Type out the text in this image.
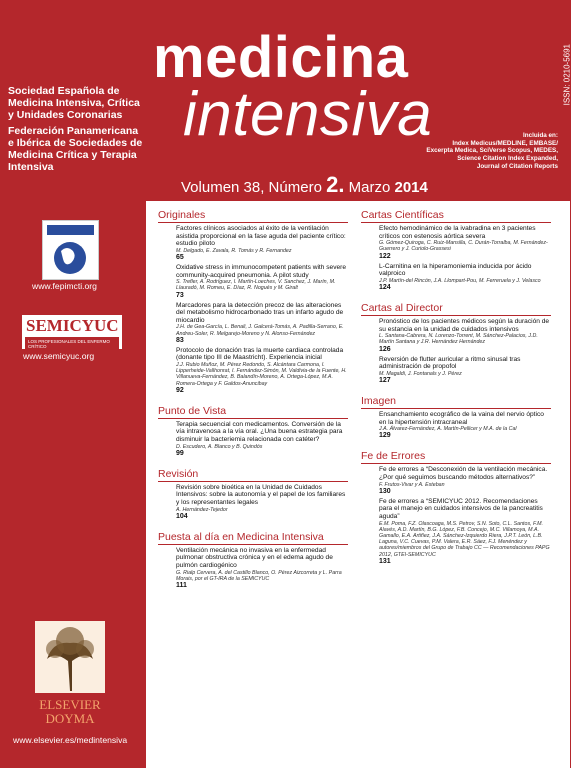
Sociedad Española de Medicina Intensiva, Crítica y Unidades Coronarias
Federación Panamericana e Ibérica de Sociedades de Medicina Crítica y Terapia Intensiva
medicina
intensiva
ISSN: 0210-5691
Incluida en:
Index Medicus/MEDLINE, EMBASE/
Excerpta Medica, SciVerse Scopus, MEDES,
Science Citation Index Expanded,
Journal of Citation Reports
Volumen 38, Número 2. Marzo 2014
www.fepimcti.org
SEMICYUC
LOS PROFESIONALES DEL ENFERMO CRÍTICO
www.semicyuc.org
ELSEVIER
DOYMA
www.elsevier.es/medintensiva
Originales
Factores clínicos asociados al éxito de la ventilación asistida proporcional en la fase aguda del paciente crítico: estudio piloto
M. Delgado, E. Zavala, R. Tomás y R. Fernandez
65
Oxidative stress in immunocompetent patients with severe community-acquired pneumonia. A pilot study
S. Trefler, A. Rodríguez, I. Martín-Loeches, V. Sanchez, J. Marín, M. Llauradó, M. Romeu, E. Díaz, R. Nogués y M. Giralt
73
Marcadores para la detección precoz de las alteraciones del metabolismo hidrocarbonado tras un infarto agudo de miocardio
J.H. de Gea-García, L. Benali, J. Galcerá-Tomás, A. Padilla-Serrano, E. Andreu-Soler, R. Melgarejo-Moreno y N. Alonso-Fernández
83
Protocolo de donación tras la muerte cardiaca controlada (donante tipo III de Maastricht). Experiencia inicial
J.J. Rubio Muñoz, M. Pérez Redondo, S. Alcántara Carmona, I. Lipperheide-Vallhonrat, I. Fernández-Simón, M. Valdivia-de la Fuente, H. Villanueva-Fernández, B. Balandín-Moreno, A. Ortega-López, M.A. Romera-Ortega y F. Galdos-Anuncibay
92
Punto de Vista
Terapia secuencial con medicamentos. Conversión de la vía intravenosa a la vía oral. ¿Una buena estrategia para disminuir la bacteriemia relacionada con catéter?
D. Escudero, A. Blanco y B. Quindós
99
Revisión
Revisión sobre bioética en la Unidad de Cuidados Intensivos: sobre la autonomía y el papel de los familiares y los representantes legales
A. Hernández-Tejedor
104
Puesta al día en Medicina Intensiva
Ventilación mecánica no invasiva en la enfermedad pulmonar obstructiva crónica y en el edema agudo de pulmón cardiogénico
G. Rialp Cervera, A. del Castillo Blanco, O. Pérez Aizcorreta y L. Parra Morais, por el GT-IRA de la SEMICYUC
111
Cartas Científicas
Efecto hemodinámico de la ivabradina en 3 pacientes críticos con estenosis aórtica severa
G. Gómez-Quiroga, C. Ruiz-Mansilla, C. Durán-Torralba, M. Fernández-Guerrero y J. Curiolo-Grassesi
122
L-Carnitina en la hiperamoniemia inducida por ácido valproico
J.P. Martín-del Rincón, J.A. Llompart-Pou, M. Ferreruela y J. Velasco
124
Cartas al Director
Pronóstico de los pacientes médicos según la duración de su estancia en la unidad de cuidados intensivos
L. Santana-Cabrera, N. Lorenzo-Torrent, M. Sánchez-Palacios, J.D. Martín Santana y J.R. Hernández Hernández
126
Reversión de flutter auricular a ritmo sinusal tras administración de propofol
M. Magaldi, J. Fontanals y J. Pérez
127
Imagen
Ensanchamiento ecográfico de la vaina del nervio óptico en la hipertensión intracraneal
J.A. Álvarez-Fernández, A. Martín-Pellicer y M.A. de la Cal
129
Fe de Errores
Fe de errores a “Desconexión de la ventilación mecánica. ¿Por qué seguimos buscando métodos alternativos?”
F. Frutos-Vivar y A. Esteban
130
Fe de errores a “SEMICYUC 2012. Recomendaciones para el manejo en cuidados intensivos de la pancreatitis aguda”
E.M. Poma, F.Z. Olascoaga, M.S. Petrov, S.N. Soto, C.L. Santos, F.M. Alavés, A.D. Martín, B.G. López, F.B. Concejo, M.C. Villamoya, M.A. Gamallo, E.A. Artiñez, J.A. Sánchez-Izquierdo Riera, J.P.T. León, L.B. Laguna, V.C. Cuevas, P.M. Valera, E.R. Sáez, F.J. Menéndez y autores/miembros del Grupo de Trabajo CC — Recomendaciones PAPG 2012, GTEI-SEMICYUC
131
